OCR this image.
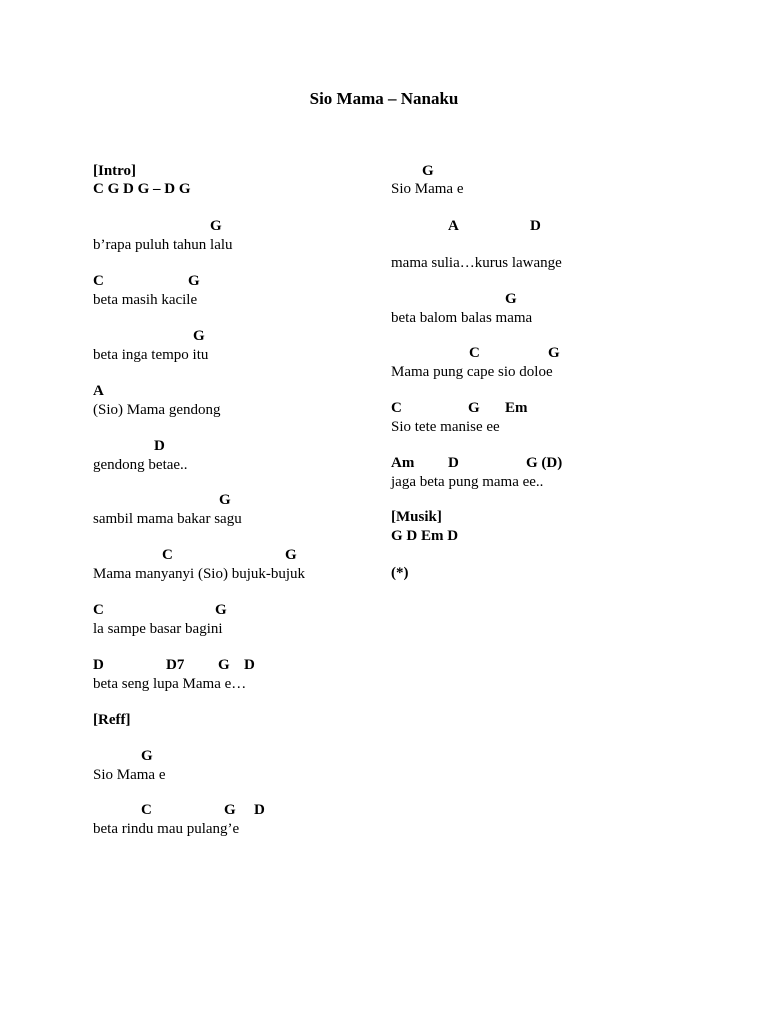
Sio Mama – Nanaku
[Intro]
C G D G – D G
G
b’rapa puluh tahun lalu
C	G
beta masih kacile
G
beta inga tempo itu
A
(Sio) Mama gendong
D
gendong betae..
G
sambil mama bakar sagu
C	G
Mama manyanyi (Sio) bujuk-bujuk
C	G
la sampe basar bagini
D	D7 G D
beta seng lupa Mama e…
[Reff]
G
Sio Mama e
C	G D
beta rindu mau pulang’e
G
Sio Mama e
A	D
mama sulia…kurus lawange
G
beta balom balas mama
C	G
Mama pung cape sio doloe
C	G Em
Sio tete manise ee
Am D	G (D)
jaga beta pung mama ee..
[Musik]
G D Em D
(*)
